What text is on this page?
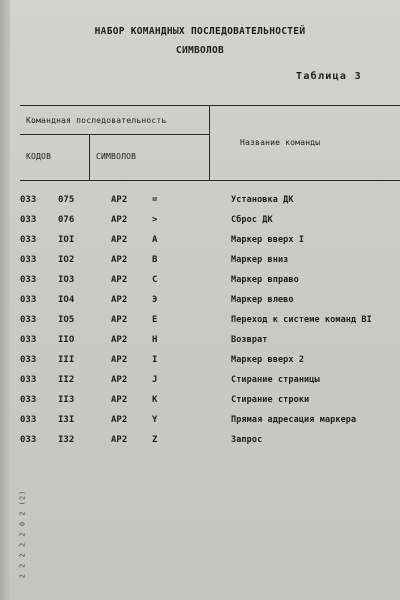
2 2 2 2 2 0 2 (2)
НАБОР КОМАНДНЫХ ПОСЛЕДОВАТЕЛЬНОСТЕЙ
СИМВОЛОВ
Таблица 3
Командная последовательность
КОДОВ	СИМВОЛОВ
Название команды
033 075	АР2	=	Установка ДК
033 076	АР2	>	Сброс ДК
033 IOI	АР2	A	Маркер вверх I
033 IO2	АР2	B	Маркер вниз
033 IO3	АР2	C	Маркер вправо
033 IO4	АР2	Э	Маркер влево
033 IO5	АР2	E	Переход к системе команд ВI
033 IIO	АР2	H	Возврат
033 III	АР2	I	Маркер вверх 2
033 II2	АР2	J	Стирание страницы
033 II3	АР2	K	Стирание строки
033 I3I	АР2	Y	Прямая адресация маркера
033 I32	АР2	Z	Запрос
